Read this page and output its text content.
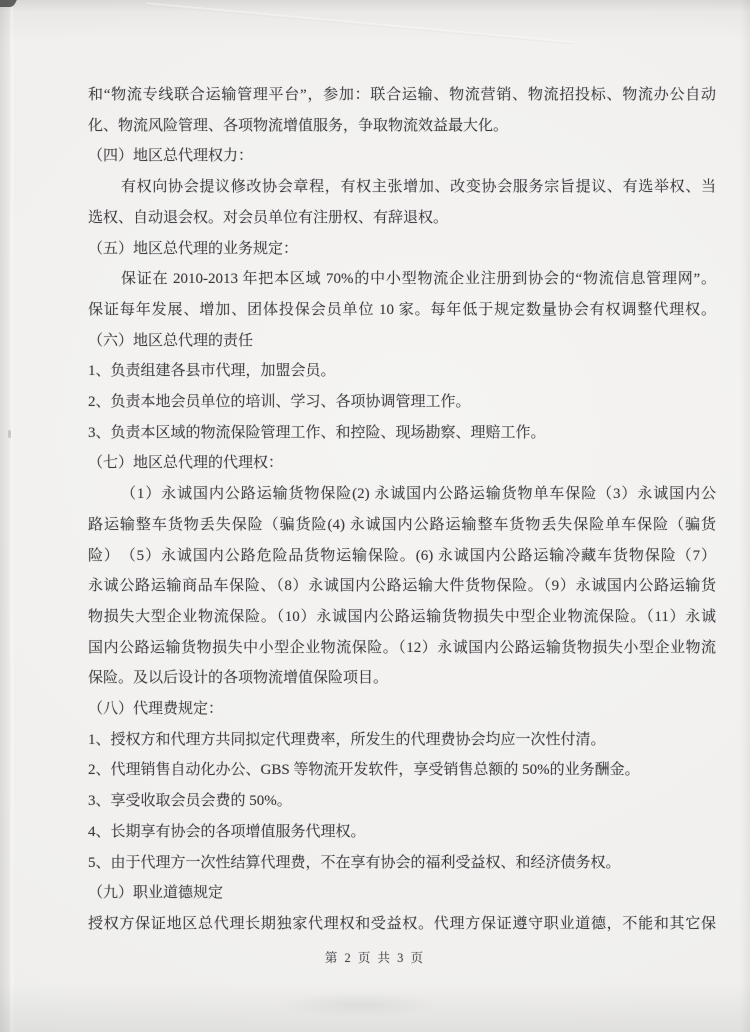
和“物流专线联合运输管理平台”，参加：联合运输、物流营销、物流招投标、物流办公自动
化、物流风险管理、各项物流增值服务，争取物流效益最大化。
（四）地区总代理权力：
有权向协会提议修改协会章程，有权主张增加、改变协会服务宗旨提议、有选举权、当
选权、自动退会权。对会员单位有注册权、有辞退权。
（五）地区总代理的业务规定：
保证在 2010-2013 年把本区域 70%的中小型物流企业注册到协会的“物流信息管理网”。
保证每年发展、增加、团体投保会员单位 10 家。每年低于规定数量协会有权调整代理权。
（六）地区总代理的责任
1、负责组建各县市代理，加盟会员。
2、负责本地会员单位的培训、学习、各项协调管理工作。
3、负责本区域的物流保险管理工作、和控险、现场勘察、理赔工作。
（七）地区总代理的代理权：
（1）永诚国内公路运输货物保险(2) 永诚国内公路运输货物单车保险（3）永诚国内公
路运输整车货物丢失保险（骗货险(4) 永诚国内公路运输整车货物丢失保险单车保险（骗货
险）　（5）永诚国内公路危险品货物运输保险。(6) 永诚国内公路运输冷藏车货物保险（7）
永诚公路运输商品车保险、（8）永诚国内公路运输大件货物保险。（9）永诚国内公路运输货
物损失大型企业物流保险。（10）永诚国内公路运输货物损失中型企业物流保险。（11）永诚
国内公路运输货物损失中小型企业物流保险。（12）永诚国内公路运输货物损失小型企业物流
保险。及以后设计的各项物流增值保险项目。
（八）代理费规定：
1、授权方和代理方共同拟定代理费率，所发生的代理费协会均应一次性付清。
2、代理销售自动化办公、GBS 等物流开发软件，享受销售总额的 50%的业务酬金。
3、享受收取会员会费的 50%。
4、长期享有协会的各项增值服务代理权。
5、由于代理方一次性结算代理费，不在享有协会的福利受益权、和经济债务权。
（九）职业道德规定
授权方保证地区总代理长期独家代理权和受益权。代理方保证遵守职业道德，不能和其它保
第 2 页 共 3 页
